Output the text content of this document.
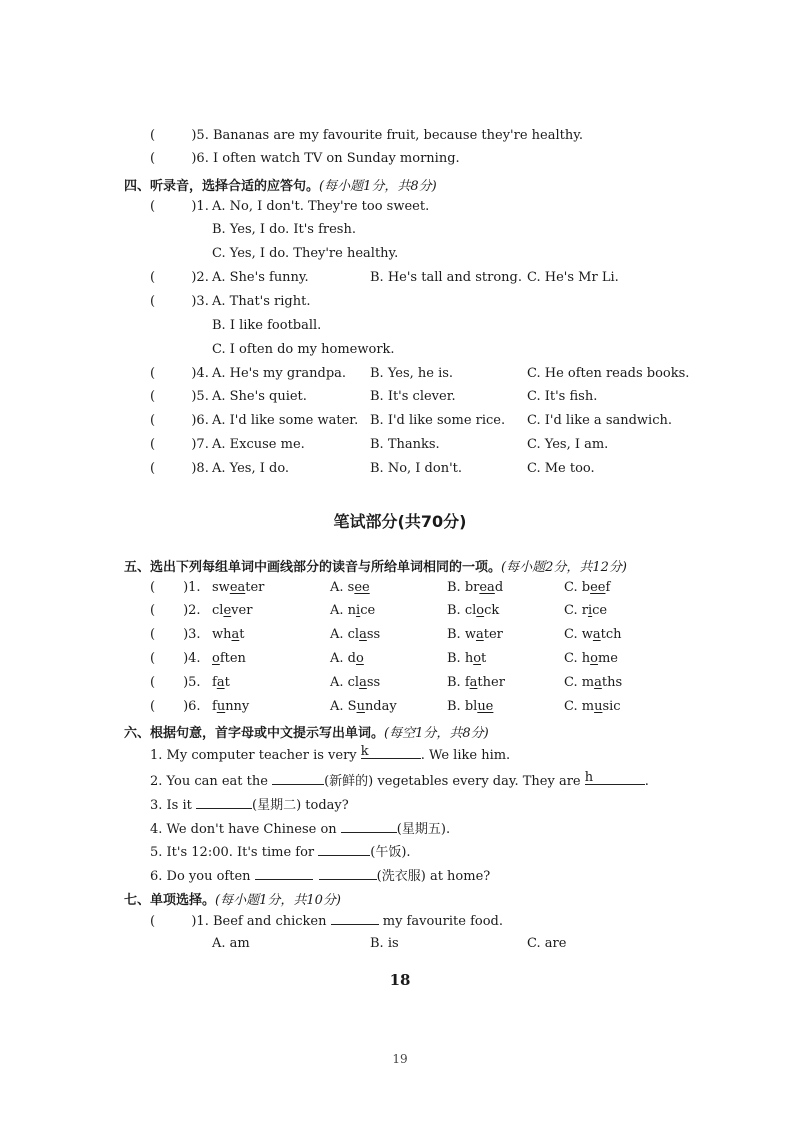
(	)5. Bananas are my favourite fruit, because they're healthy.
(	)6. I often watch TV on Sunday morning.
四、听录音，选择合适的应答句。(每小题1分，共8分)
(	)1. A. No, I don't. They're too sweet.
B. Yes, I do. It's fresh.
C. Yes, I do. They're healthy.
(	)2. A. She's funny.	B. He's tall and strong. C. He's Mr Li.
(	)3. A. That's right.
B. I like football.
C. I often do my homework.
(	)4. A. He's my grandpa. B. Yes, he is.	C. He often reads books.
(	)5. A. She's quiet.	B. It's clever.	C. It's fish.
(	)6. A. I'd like some water. B. I'd like some rice. C. I'd like a sandwich.
(	)7. A. Excuse me.	B. Thanks.	C. Yes, I am.
(	)8. A. Yes, I do.	B. No, I don't.	C. Me too.
笔试部分(共70分)
五、选出下列每组单词中画线部分的读音与所给单词相同的一项。(每小题2分，共12分)
( )1. sweater	A. see	B. bread	C. beef
( )2. clever	A. nice	B. clock	C. rice
( )3. what	A. class	B. water	C. watch
( )4. often	A. do	B. hot	C. home
( )5. fat	A. class	B. father	C. maths
( )6. funny	A. Sunday	B. blue	C. music
六、根据句意，首字母或中文提示写出单词。(每空1分，共8分)
1. My computer teacher is very k	. We like him.
2. You can eat the	(新鲜的) vegetables every day. They are h	.
3. Is it	(星期二) today?
4. We don't have Chinese on	(星期五).
5. It's 12:00. It's time for	(午饭).
6. Do you often	(洗衣服) at home?
七、单项选择。(每小题1分，共10分)
(	)1. Beef and chicken	my favourite food.
A. am	B. is	C. are
18
19
